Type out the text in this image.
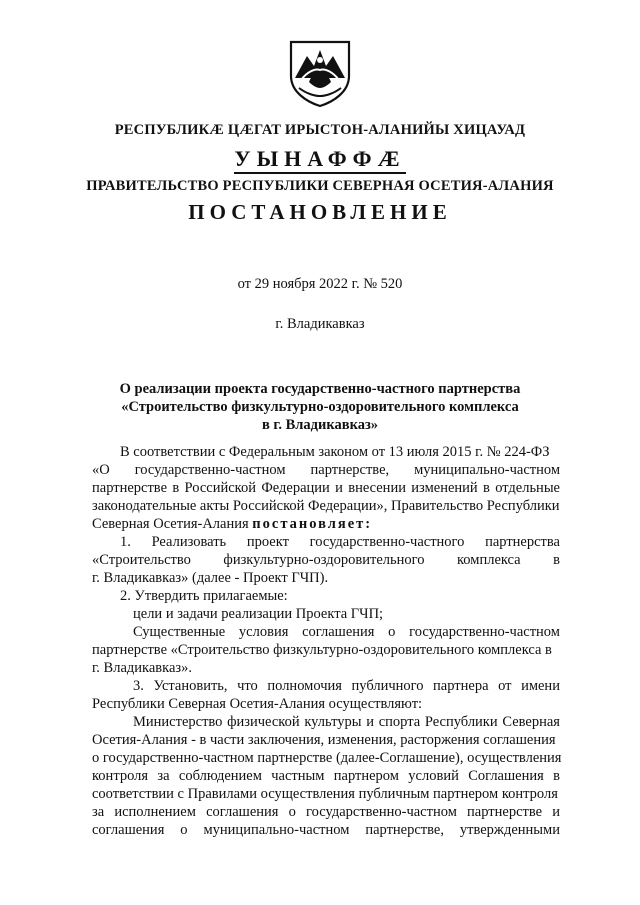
РЕСПУБЛИКӔ ЦӔГАТ ИРЫСТОН-АЛАНИЙЫ ХИЦАУАД
УЫНАФФӔ
ПРАВИТЕЛЬСТВО РЕСПУБЛИКИ СЕВЕРНАЯ ОСЕТИЯ-АЛАНИЯ
ПОСТАНОВЛЕНИЕ
от 29 ноября 2022 г. № 520
г. Владикавказ
О реализации проекта государственно-частного партнерства
«Строительство физкультурно-оздоровительного комплекса
в г. Владикавказ»
В соответствии с Федеральным законом от 13 июля 2015 г. № 224-ФЗ
«О государственно-частном партнерстве, муниципально-частном
партнерстве в Российской Федерации и внесении изменений в отдельные
законодательные акты Российской Федерации», Правительство Республики
Северная Осетия-Алания постановляет:
1. Реализовать проект государственно-частного партнерства
«Строительство физкультурно-оздоровительного комплекса в
г. Владикавказ» (далее - Проект ГЧП).
2. Утвердить прилагаемые:
цели и задачи реализации Проекта ГЧП;
Существенные условия соглашения о государственно-частном
партнерстве «Строительство физкультурно-оздоровительного комплекса в
г. Владикавказ».
3. Установить, что полномочия публичного партнера от имени
Республики Северная Осетия-Алания осуществляют:
Министерство физической культуры и спорта Республики Северная
Осетия-Алания - в части заключения, изменения, расторжения соглашения
о государственно-частном партнерстве (далее-Соглашение), осуществления
контроля за соблюдением частным партнером условий Соглашения в
соответствии с Правилами осуществления публичным партнером контроля
за исполнением соглашения о государственно-частном партнерстве и
соглашения о муниципально-частном партнерстве, утвержденными
